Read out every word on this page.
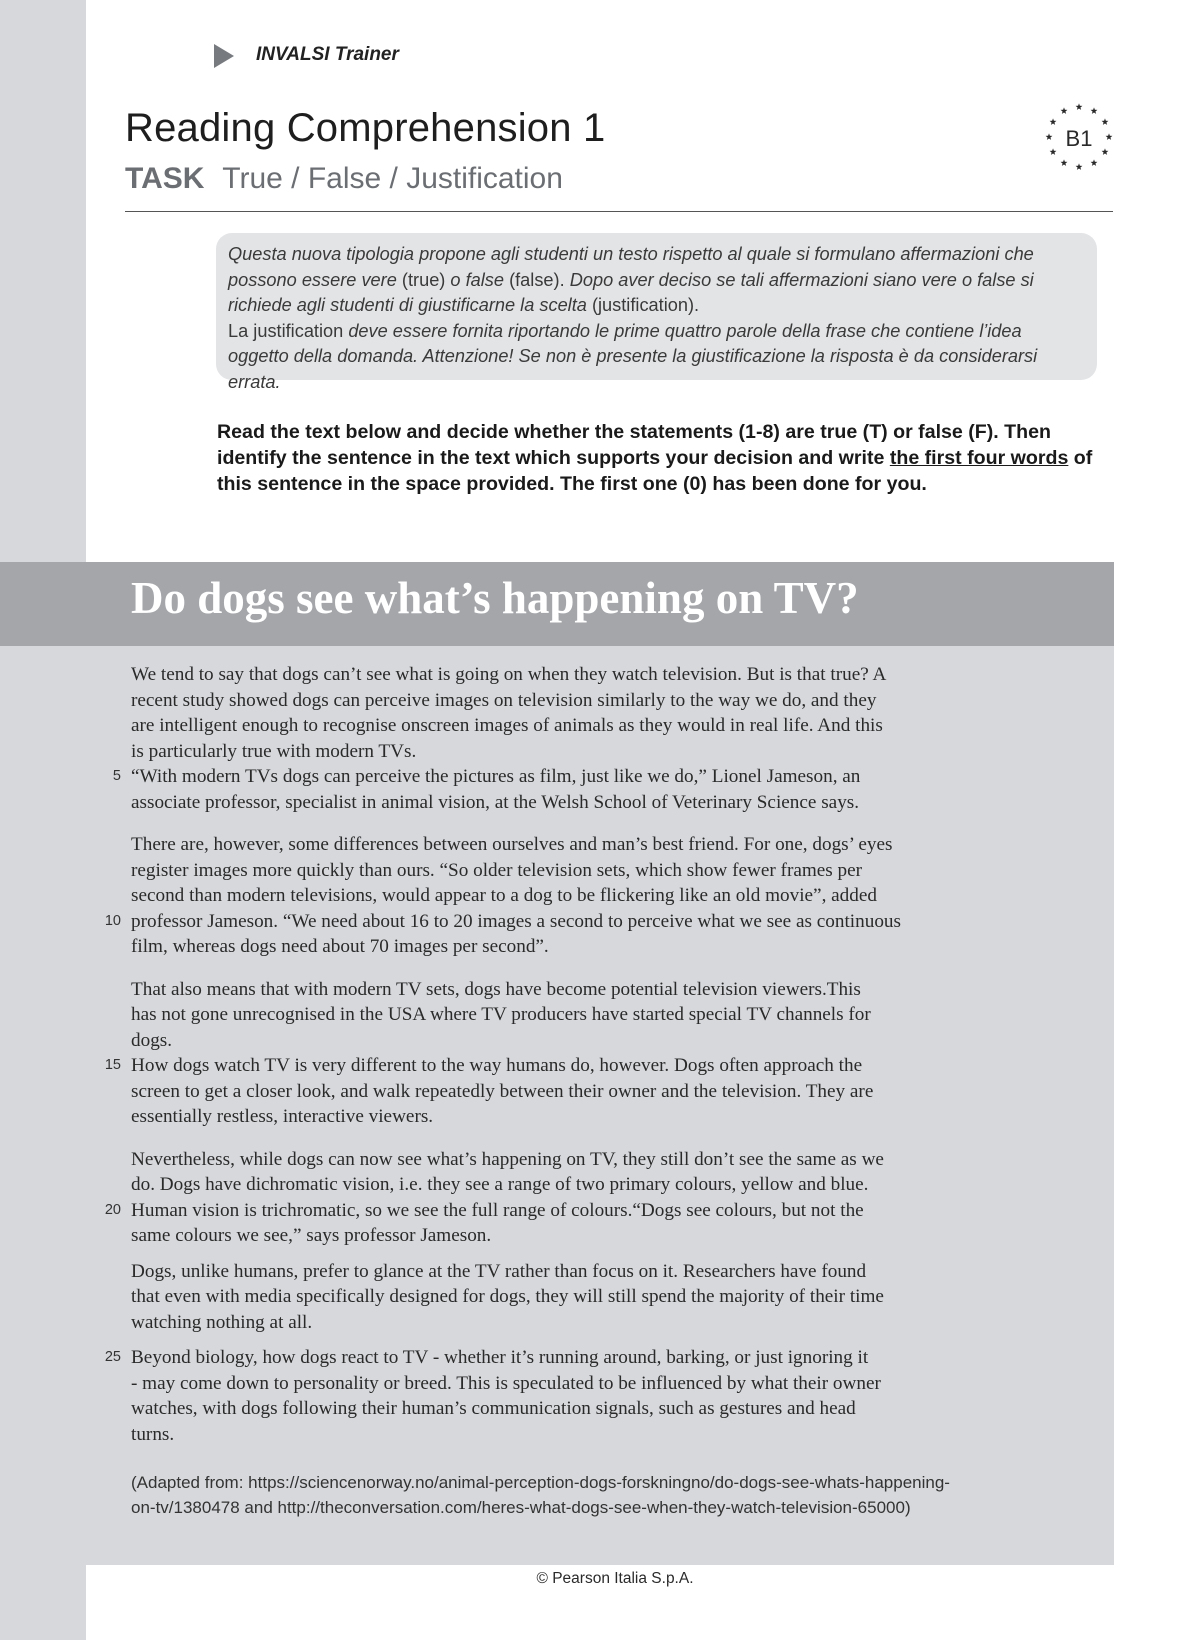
INVALSI Trainer
Reading Comprehension 1
TASK True / False / Justification
B1

Questa nuova tipologia propone agli studenti un testo rispetto al quale si formulano affermazioni che possono essere vere (true) o false (false). Dopo aver deciso se tali affermazioni siano vere o false si richiede agli studenti di giustificarne la scelta (justification).

La justification deve essere fornita riportando le prime quattro parole della frase che contiene l’idea oggetto della domanda. Attenzione! Se non è presente la giustificazione la risposta è da considerarsi errata.

Read the text below and decide whether the statements (1-8) are true (T) or false (F). Then identify the sentence in the text which supports your decision and write the first four words of this sentence in the space provided. The first one (0) has been done for you.

Do dogs see what’s happening on TV?

We tend to say that dogs can’t see what is going on when they watch television. But is that true? A
recent study showed dogs can perceive images on television similarly to the way we do, and they
are intelligent enough to recognise onscreen images of animals as they would in real life. And this
is particularly true with modern TVs.
5 “With modern TVs dogs can perceive the pictures as film, just like we do,” Lionel Jameson, an
associate professor, specialist in animal vision, at the Welsh School of Veterinary Science says.

There are, however, some differences between ourselves and man’s best friend. For one, dogs’ eyes
register images more quickly than ours. “So older television sets, which show fewer frames per
second than modern televisions, would appear to a dog to be flickering like an old movie”, added
10 professor Jameson. “We need about 16 to 20 images a second to perceive what we see as continuous
film, whereas dogs need about 70 images per second”.

That also means that with modern TV sets, dogs have become potential television viewers.This
has not gone unrecognised in the USA where TV producers have started special TV channels for
dogs.
15 How dogs watch TV is very different to the way humans do, however. Dogs often approach the
screen to get a closer look, and walk repeatedly between their owner and the television. They are
essentially restless, interactive viewers.

Nevertheless, while dogs can now see what’s happening on TV, they still don’t see the same as we
do. Dogs have dichromatic vision, i.e. they see a range of two primary colours, yellow and blue.
20 Human vision is trichromatic, so we see the full range of colours.“Dogs see colours, but not the
same colours we see,” says professor Jameson.

Dogs, unlike humans, prefer to glance at the TV rather than focus on it. Researchers have found
that even with media specifically designed for dogs, they will still spend the majority of their time
watching nothing at all.

25 Beyond biology, how dogs react to TV - whether it’s running around, barking, or just ignoring it
- may come down to personality or breed. This is speculated to be influenced by what their owner
watches, with dogs following their human’s communication signals, such as gestures and head
turns.

(Adapted from: https://sciencenorway.no/animal-perception-dogs-forskningno/do-dogs-see-whats-happening-
on-tv/1380478 and http://theconversation.com/heres-what-dogs-see-when-they-watch-television-65000)

© Pearson Italia S.p.A.
